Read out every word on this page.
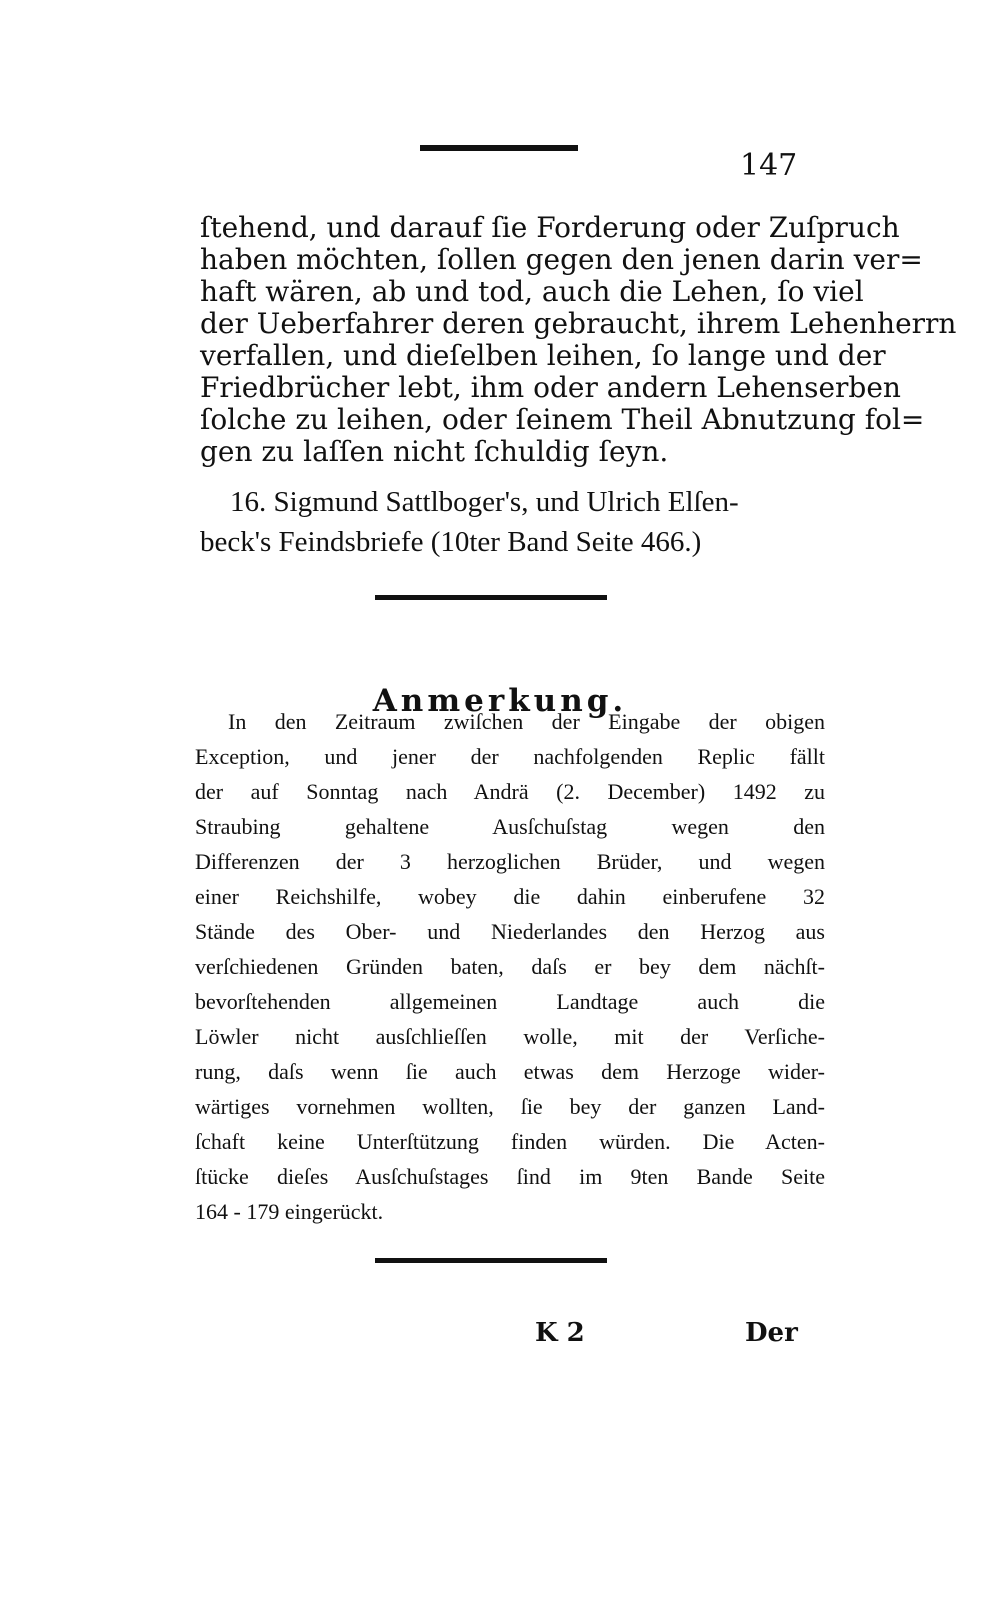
147
ſtehend, und darauf ſie Forderung oder Zuſpruch
haben möchten, ſollen gegen den jenen darin ver=
haft wären, ab und tod, auch die Lehen, ſo viel
der Ueberfahrer deren gebraucht, ihrem Lehenherrn
verfallen, und dieſelben leihen, ſo lange und der
Friedbrücher lebt, ihm oder andern Lehenserben
ſolche zu leihen, oder ſeinem Theil Abnutzung fol=
gen zu laſſen nicht ſchuldig ſeyn.
16. Sigmund Sattlboger's, und Ulrich Elſen-
beck's Feindsbriefe (10ter Band Seite 466.)
Anmerkung.
In den Zeitraum zwiſchen der Eingabe der obigen
Exception, und jener der nachfolgenden Replic fällt
der auf Sonntag nach Andrä (2. December) 1492 zu
Straubing gehaltene Ausſchuſstag wegen den
Differenzen der 3 herzoglichen Brüder, und wegen
einer Reichshilfe, wobey die dahin einberufene 32
Stände des Ober- und Niederlandes den Herzog aus
verſchiedenen Gründen baten, daſs er bey dem nächſt-
bevorſtehenden allgemeinen Landtage auch die
Löwler nicht ausſchlieſſen wolle, mit der Verſiche-
rung, daſs wenn ſie auch etwas dem Herzoge wider-
wärtiges vornehmen wollten, ſie bey der ganzen Land-
ſchaft keine Unterſtützung finden würden. Die Acten-
ſtücke dieſes Ausſchuſstages ſind im 9ten Bande Seite
164 - 179 eingerückt.
K 2	Der
